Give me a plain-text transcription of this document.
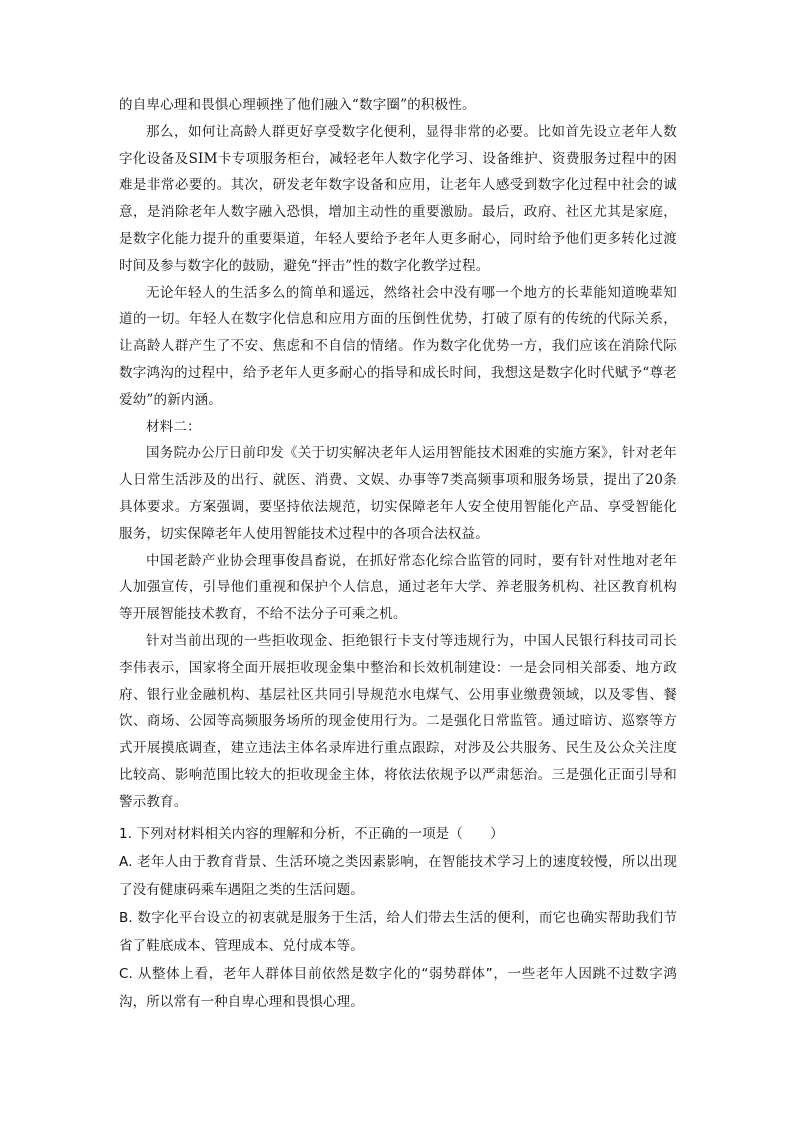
的自卑心理和畏惧心理顿挫了他们融入“数字圈”的积极性。

那么，如何让高龄人群更好享受数字化便利，显得非常的必要。比如首先设立老年人数字化设备及SIM卡专项服务柜台，减轻老年人数字化学习、设备维护、资费服务过程中的困难是非常必要的。其次，研发老年数字设备和应用，让老年人感受到数字化过程中社会的诚意，是消除老年人数字融入恐惧，增加主动性的重要激励。最后，政府、社区尤其是家庭，是数字化能力提升的重要渠道，年轻人要给予老年人更多耐心，同时给予他们更多转化过渡时间及参与数字化的鼓励，避免“抨击”性的数字化教学过程。

无论年轻人的生活多么的简单和遥远，然络社会中没有哪一个地方的长辈能知道晚辈知道的一切。年轻人在数字化信息和应用方面的压倒性优势，打破了原有的传统的代际关系，让高龄人群产生了不安、焦虑和不自信的情绪。作为数字化优势一方，我们应该在消除代际数字鸿沟的过程中，给予老年人更多耐心的指导和成长时间，我想这是数字化时代赋予“尊老爱幼”的新内涵。

材料二：

国务院办公厅日前印发《关于切实解决老年人运用智能技术困难的实施方案》，针对老年人日常生活涉及的出行、就医、消费、文娱、办事等7类高频事项和服务场景，提出了20条具体要求。方案强调，要坚持依法规范，切实保障老年人安全使用智能化产品、享受智能化服务，切实保障老年人使用智能技术过程中的各项合法权益。

中国老龄产业协会理事俊昌畜说，在抓好常态化综合监管的同时，要有针对性地对老年人加强宣传，引导他们重视和保护个人信息，通过老年大学、养老服务机构、社区教育机构等开展智能技术教育，不给不法分子可乘之机。

针对当前出现的一些拒收现金、拒绝银行卡支付等违规行为，中国人民银行科技司司长李伟表示，国家将全面开展拒收现金集中整治和长效机制建设：一是会同相关部委、地方政府、银行业金融机构、基层社区共同引导规范水电煤气、公用事业缴费领域，以及零售、餐饮、商场、公园等高频服务场所的现金使用行为。二是强化日常监管。通过暗访、巡察等方式开展摸底调查，建立违法主体名录库进行重点跟踪，对涉及公共服务、民生及公众关注度比较高、影响范围比较大的拒收现金主体，将依法依规予以严肃惩治。三是强化正面引导和警示教育。

1. 下列对材料相关内容的理解和分析，不正确的一项是（　　）

A. 老年人由于教育背景、生活环境之类因素影响，在智能技术学习上的速度较慢，所以出现了没有健康码乘车遇阻之类的生活问题。

B. 数字化平台设立的初衷就是服务于生活，给人们带去生活的便利，而它也确实帮助我们节省了鞋底成本、管理成本、兑付成本等。

C. 从整体上看，老年人群体目前依然是数字化的“弱势群体”，一些老年人因跳不过数字鸿沟，所以常有一种自卑心理和畏惧心理。
